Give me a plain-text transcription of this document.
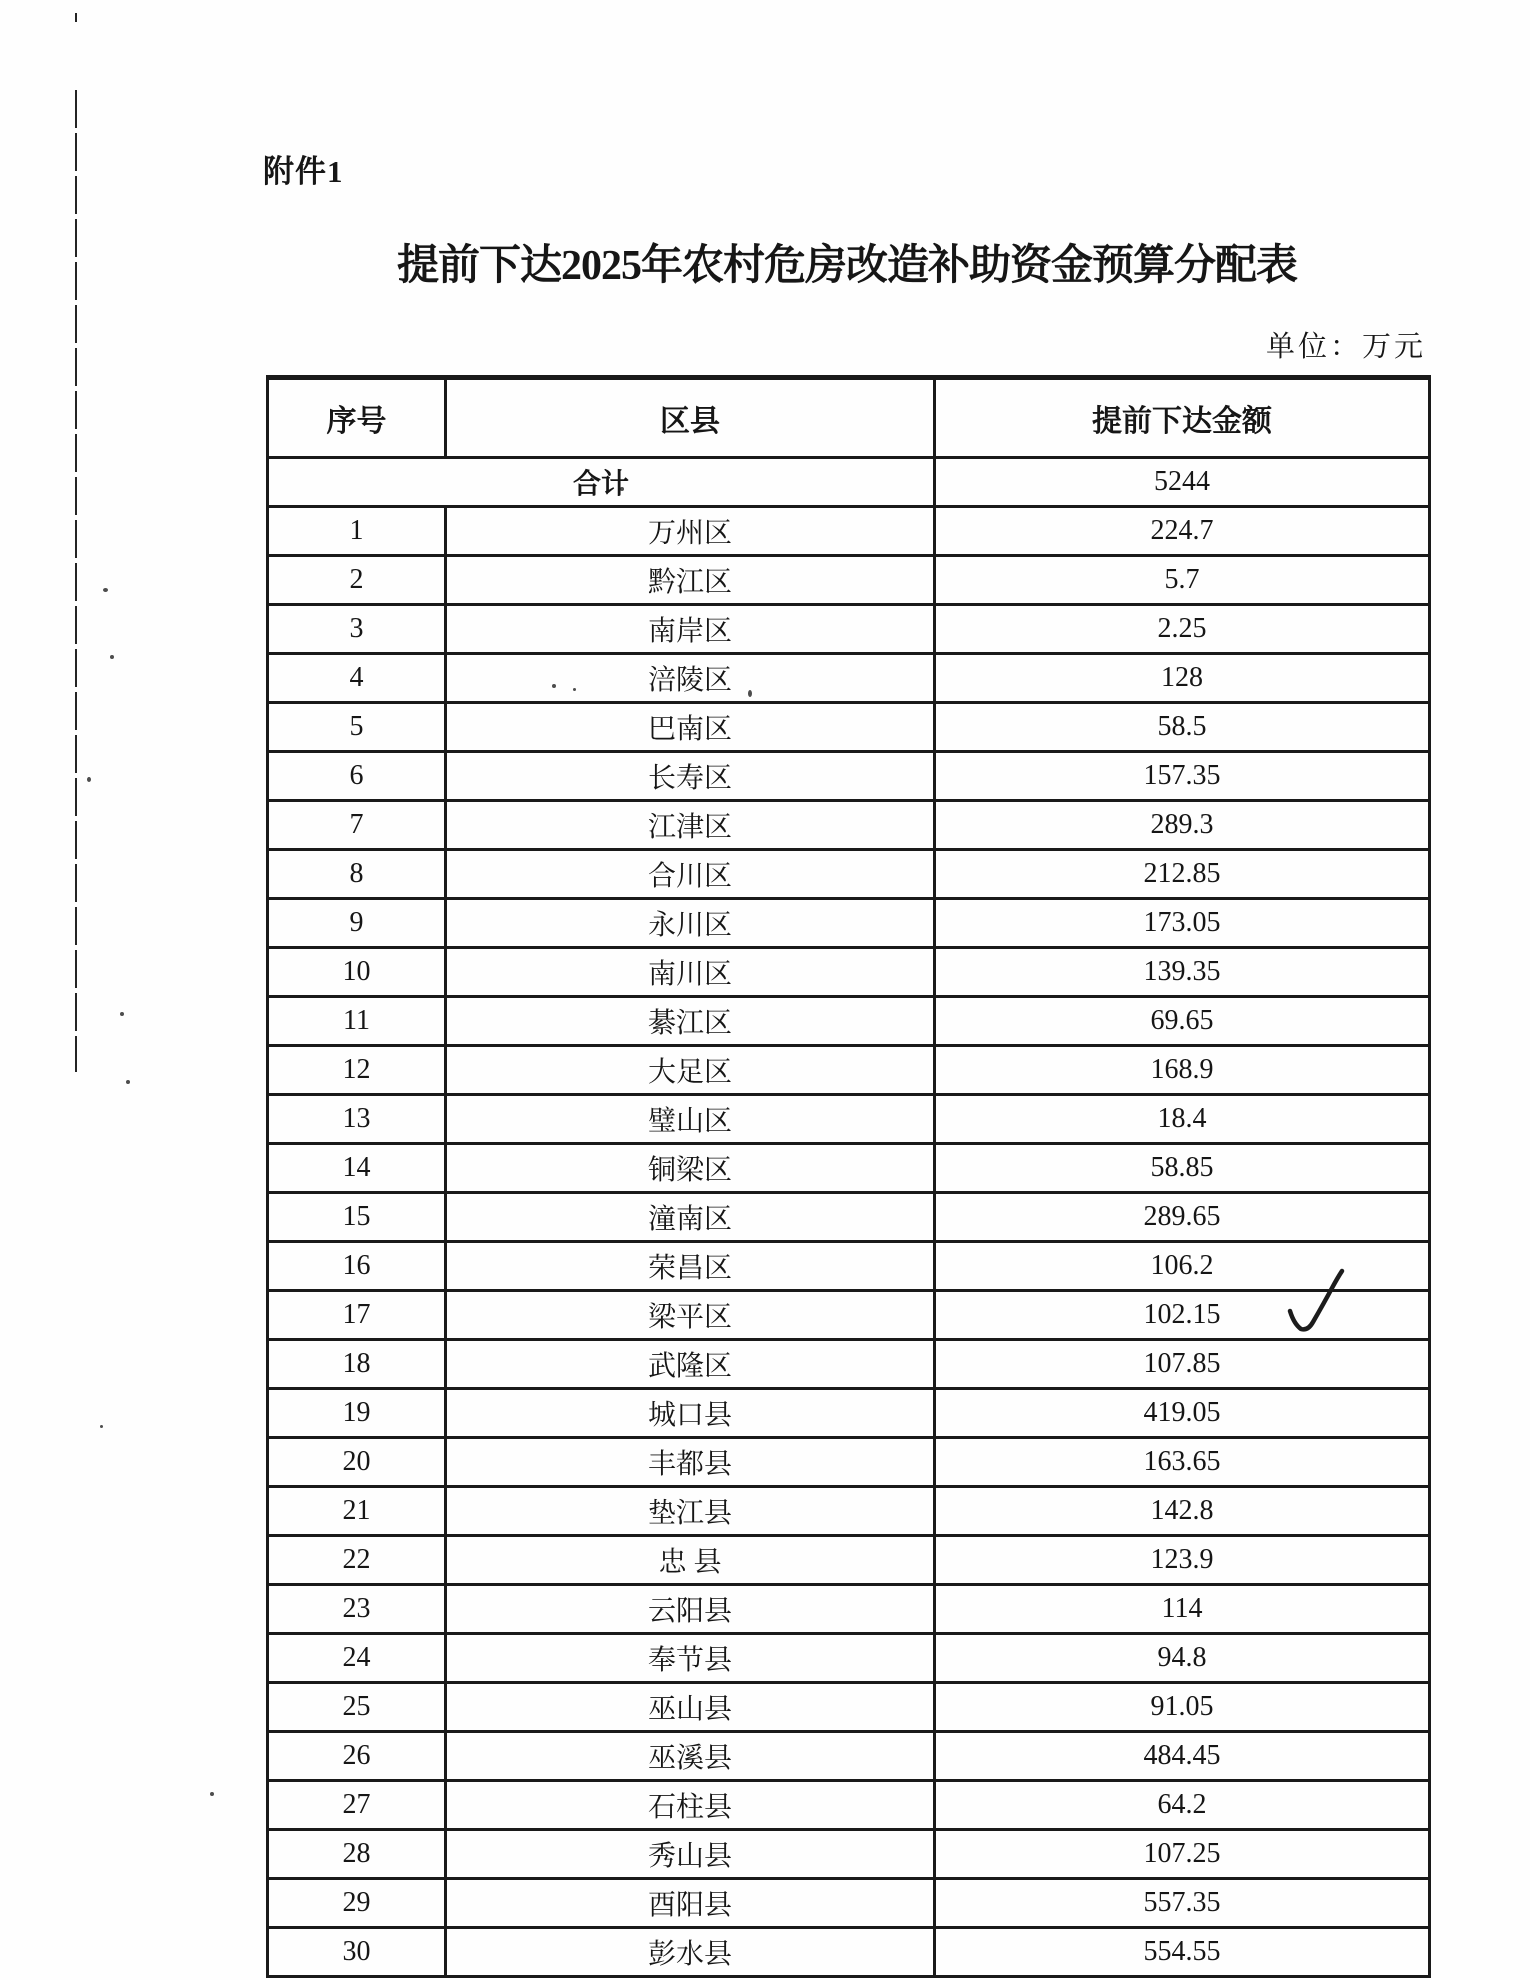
附件1
提前下达2025年农村危房改造补助资金预算分配表
单位：万元
序号	区县	提前下达金额
合计		5244
1	万州区	224.7
2	黔江区	5.7
3	南岸区	2.25
4	涪陵区	128
5	巴南区	58.5
6	长寿区	157.35
7	江津区	289.3
8	合川区	212.85
9	永川区	173.05
10	南川区	139.35
11	綦江区	69.65
12	大足区	168.9
13	璧山区	18.4
14	铜梁区	58.85
15	潼南区	289.65
16	荣昌区	106.2
17	梁平区	102.15
18	武隆区	107.85
19	城口县	419.05
20	丰都县	163.65
21	垫江县	142.8
22	忠 县	123.9
23	云阳县	114
24	奉节县	94.8
25	巫山县	91.05
26	巫溪县	484.45
27	石柱县	64.2
28	秀山县	107.25
29	酉阳县	557.35
30	彭水县	554.55
